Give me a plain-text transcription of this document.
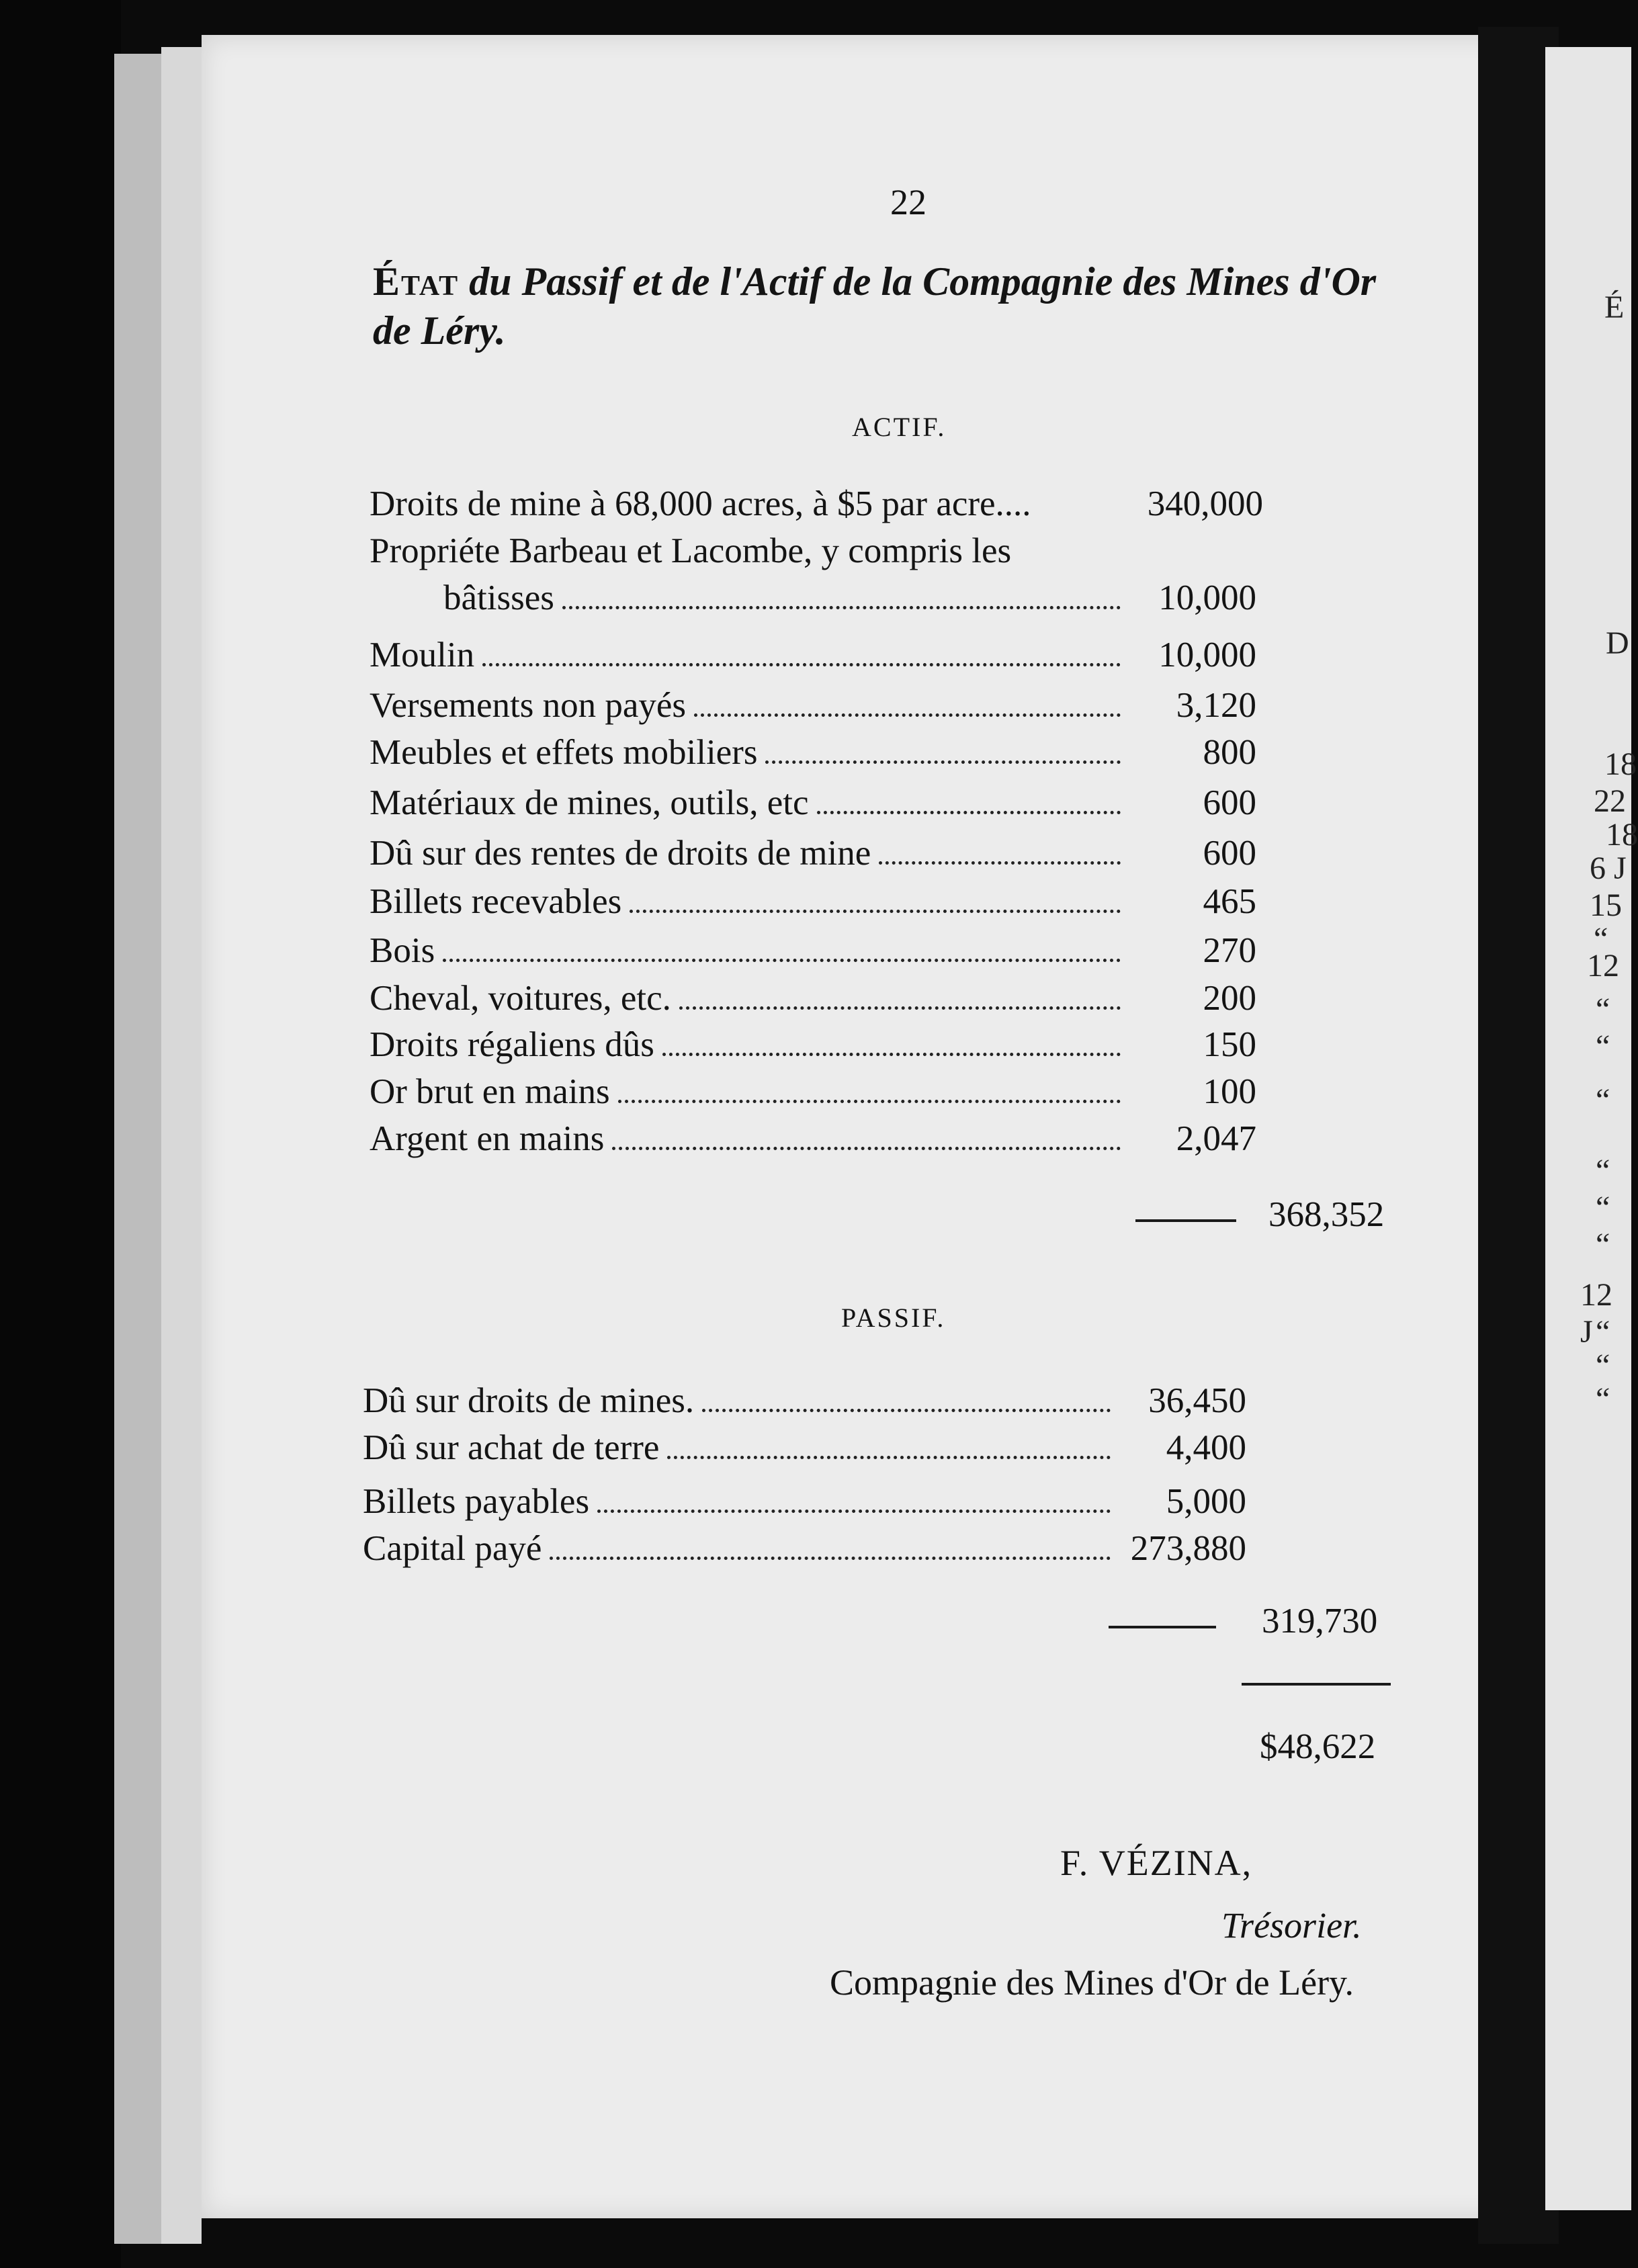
22
État du Passif et de l'Actif de la Compagnie des Mines d'Or
de Léry.
ACTIF.
Droits de mine à 68,000 acres, à $5 par acre....	340,000
Propriéte Barbeau et Lacombe, y compris les
bâtisses	10,000
Moulin	10,000
Versements non payés	3,120
Meubles et effets mobiliers	800
Matériaux de mines, outils, etc	600
Dû sur des rentes de droits de mine	600
Billets recevables	465
Bois	270
Cheval, voitures, etc.	200
Droits régaliens dûs	150
Or brut en mains	100
Argent en mains	2,047
368,352
PASSIF.
Dû sur droits de mines.	36,450
Dû sur achat de terre	4,400
Billets payables	5,000
Capital payé	273,880
319,730
$48,622
F. VÉZINA,
Trésorier.
Compagnie des Mines d'Or de Léry.
É
D
18
22
18
6 J
15
“
12
“
“
“
“
“
“
12 J “
“
“
